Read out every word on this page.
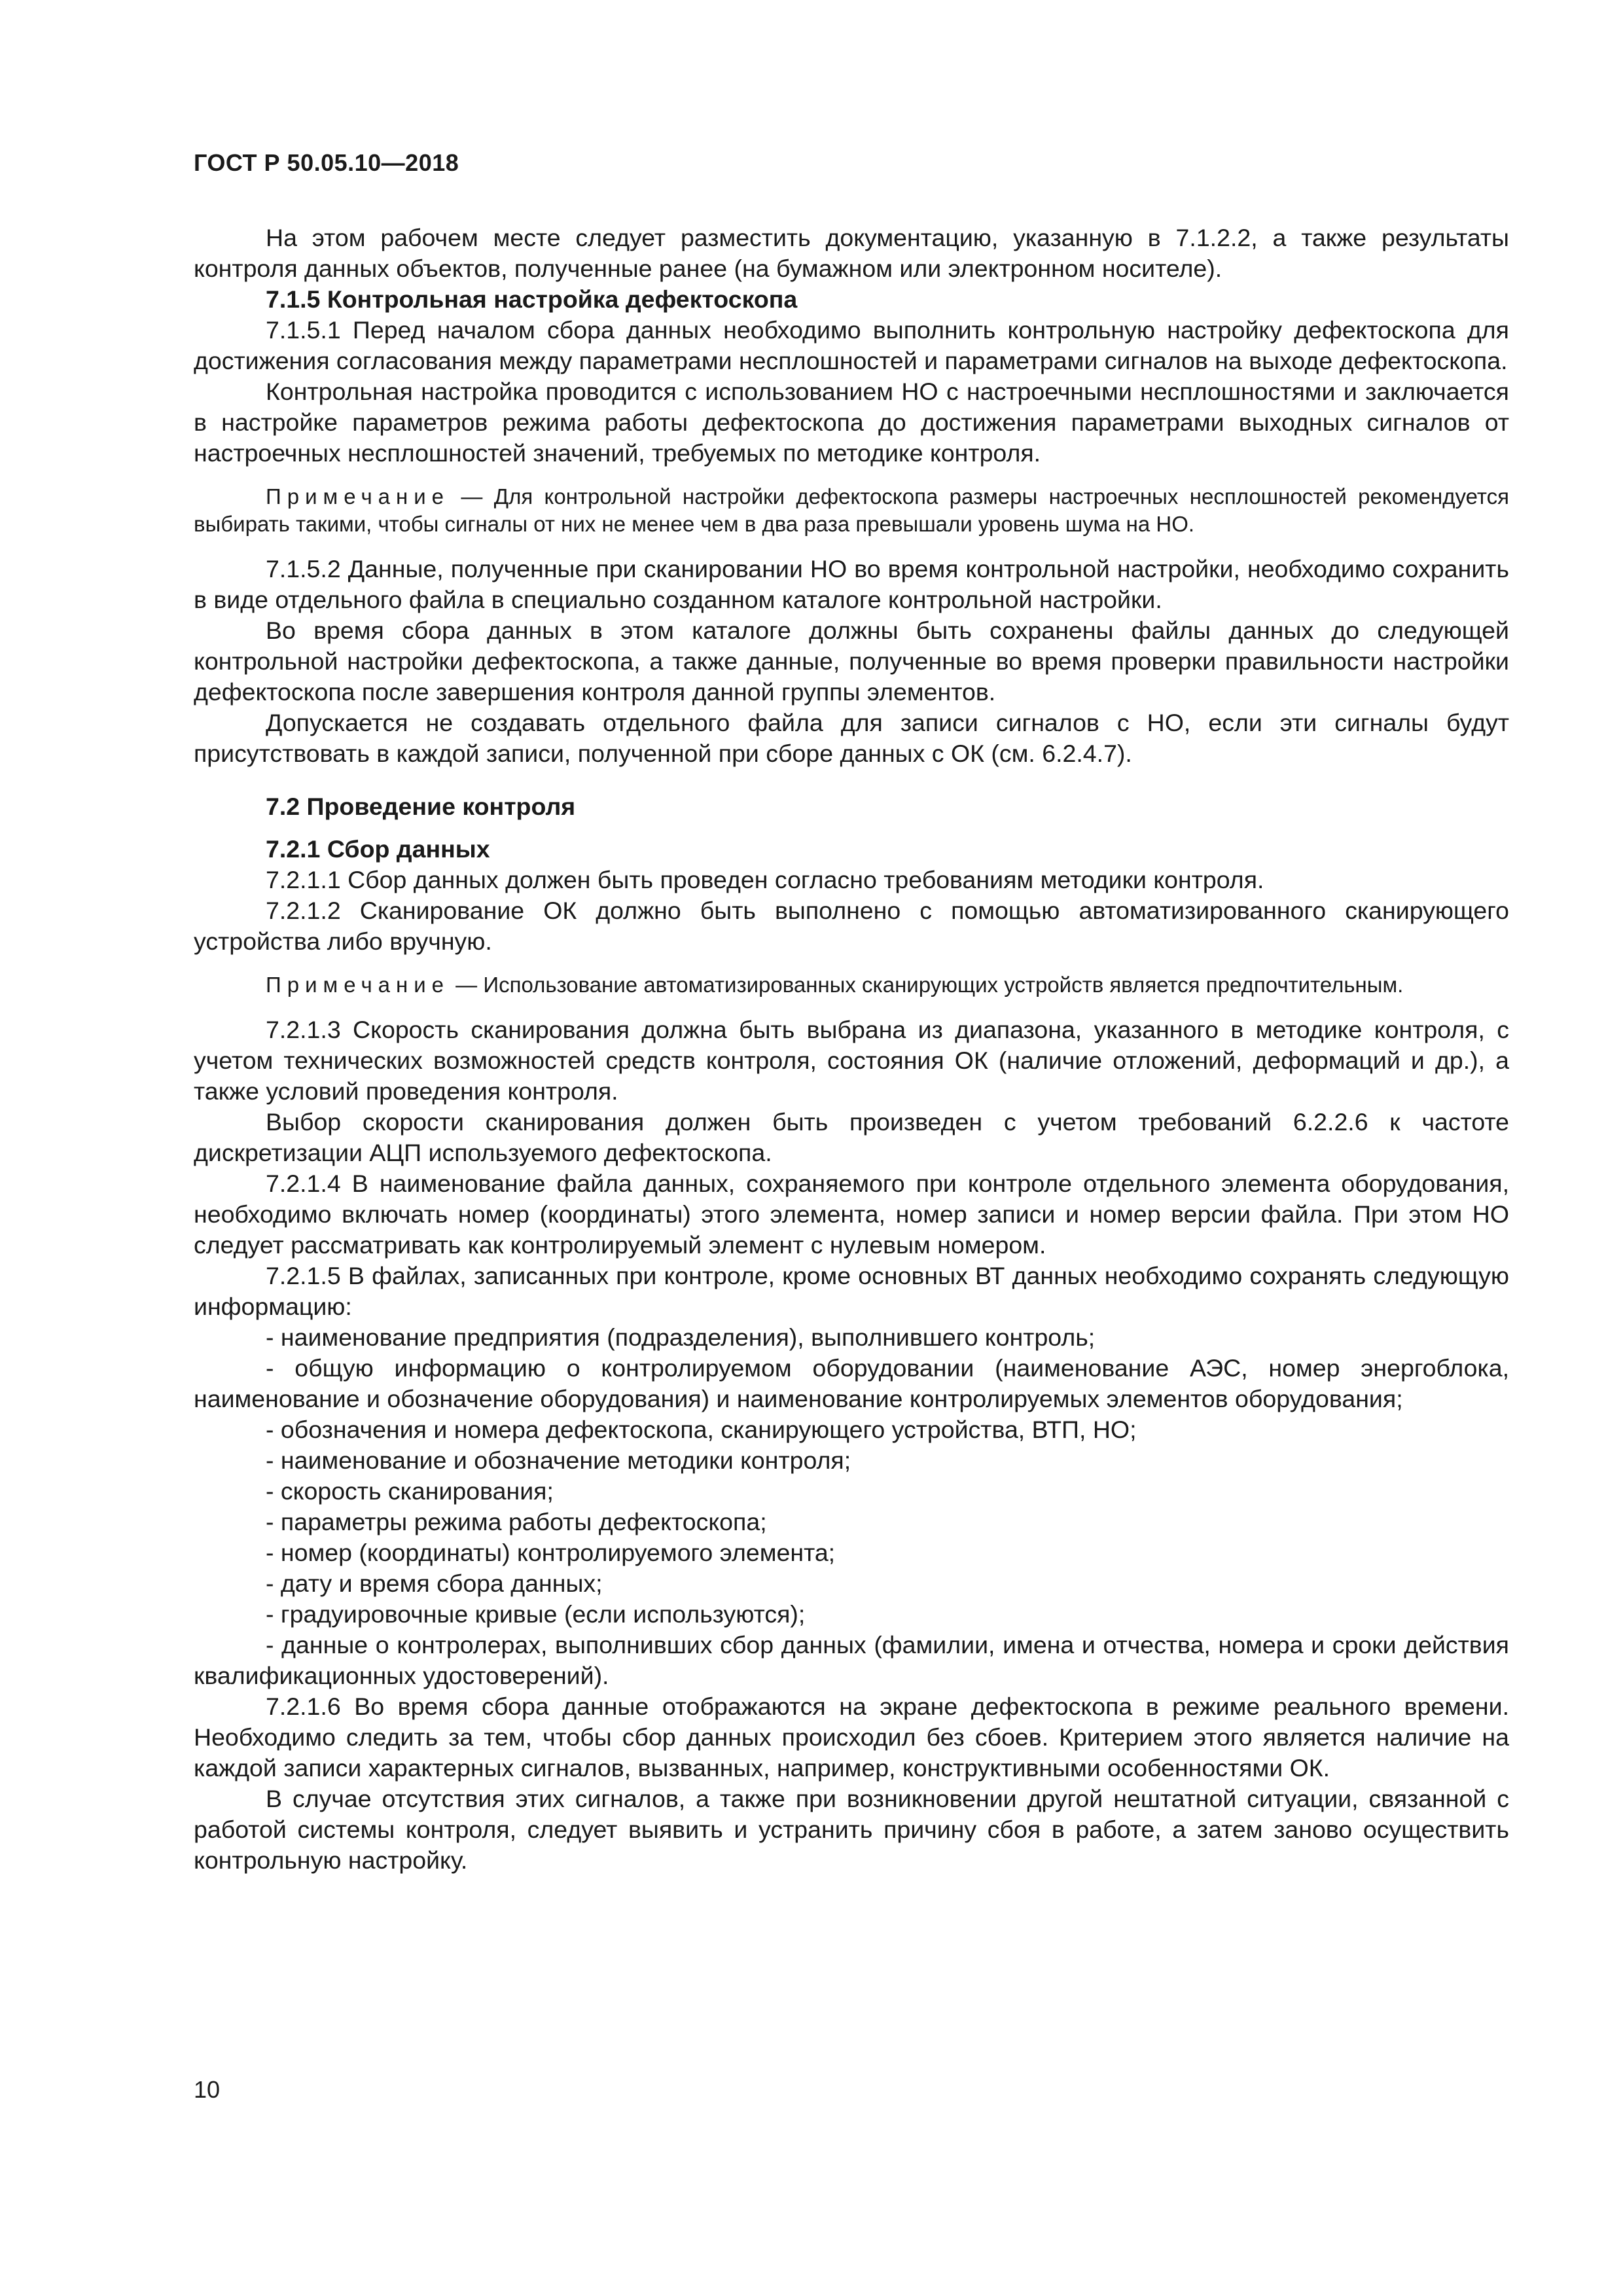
ГОСТ Р 50.05.10—2018

На этом рабочем месте следует разместить документацию, указанную в 7.1.2.2, а также результаты контроля данных объектов, полученные ранее (на бумажном или электронном носителе).

7.1.5 Контрольная настройка дефектоскопа

7.1.5.1 Перед началом сбора данных необходимо выполнить контрольную настройку дефектоскопа для достижения согласования между параметрами несплошностей и параметрами сигналов на выходе дефектоскопа.

Контрольная настройка проводится с использованием НО с настроечными несплошностями и заключается в настройке параметров режима работы дефектоскопа до достижения параметрами выходных сигналов от настроечных несплошностей значений, требуемых по методике контроля.

Примечание — Для контрольной настройки дефектоскопа размеры настроечных несплошностей рекомендуется выбирать такими, чтобы сигналы от них не менее чем в два раза превышали уровень шума на НО.

7.1.5.2 Данные, полученные при сканировании НО во время контрольной настройки, необходимо сохранить в виде отдельного файла в специально созданном каталоге контрольной настройки.

Во время сбора данных в этом каталоге должны быть сохранены файлы данных до следующей контрольной настройки дефектоскопа, а также данные, полученные во время проверки правильности настройки дефектоскопа после завершения контроля данной группы элементов.

Допускается не создавать отдельного файла для записи сигналов с НО, если эти сигналы будут присутствовать в каждой записи, полученной при сборе данных с ОК (см. 6.2.4.7).

7.2 Проведение контроля

7.2.1 Сбор данных

7.2.1.1 Сбор данных должен быть проведен согласно требованиям методики контроля.

7.2.1.2 Сканирование ОК должно быть выполнено с помощью автоматизированного сканирующего устройства либо вручную.

Примечание — Использование автоматизированных сканирующих устройств является предпочтительным.

7.2.1.3 Скорость сканирования должна быть выбрана из диапазона, указанного в методике контроля, с учетом технических возможностей средств контроля, состояния ОК (наличие отложений, деформаций и др.), а также условий проведения контроля.

Выбор скорости сканирования должен быть произведен с учетом требований 6.2.2.6 к частоте дискретизации АЦП используемого дефектоскопа.

7.2.1.4 В наименование файла данных, сохраняемого при контроле отдельного элемента оборудования, необходимо включать номер (координаты) этого элемента, номер записи и номер версии файла. При этом НО следует рассматривать как контролируемый элемент с нулевым номером.

7.2.1.5 В файлах, записанных при контроле, кроме основных ВТ данных необходимо сохранять следующую информацию:

- наименование предприятия (подразделения), выполнившего контроль;

- общую информацию о контролируемом оборудовании (наименование АЭС, номер энергоблока, наименование и обозначение оборудования) и наименование контролируемых элементов оборудования;

- обозначения и номера дефектоскопа, сканирующего устройства, ВТП, НО;

- наименование и обозначение методики контроля;

- скорость сканирования;

- параметры режима работы дефектоскопа;

- номер (координаты) контролируемого элемента;

- дату и время сбора данных;

- градуировочные кривые (если используются);

- данные о контролерах, выполнивших сбор данных (фамилии, имена и отчества, номера и сроки действия квалификационных удостоверений).

7.2.1.6 Во время сбора данные отображаются на экране дефектоскопа в режиме реального времени. Необходимо следить за тем, чтобы сбор данных происходил без сбоев. Критерием этого является наличие на каждой записи характерных сигналов, вызванных, например, конструктивными особенностями ОК.

В случае отсутствия этих сигналов, а также при возникновении другой нештатной ситуации, связанной с работой системы контроля, следует выявить и устранить причину сбоя в работе, а затем заново осуществить контрольную настройку.

10
